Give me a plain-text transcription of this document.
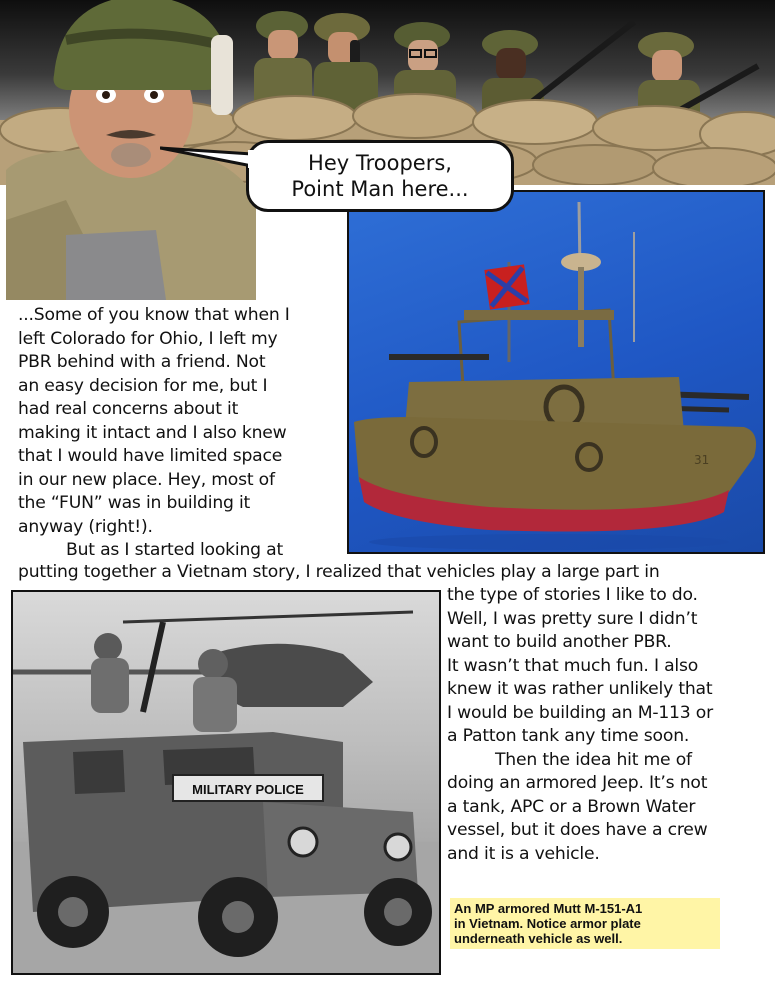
Hey Troopers,
Point Man here...
31
...Some of you know that when I
left Colorado for Ohio, I left my
PBR behind with a friend. Not
an easy decision for me, but I
had real concerns about it
making it intact and I also knew
that I would have limited space
in our new place. Hey, most of
the “FUN” was in building it
anyway (right!).
But as I started looking at
putting together a Vietnam story, I realized that vehicles play a large part in
MILITARY POLICE
the type of stories I like to do.
Well, I was pretty sure I didn’t
want to build another PBR.
It wasn’t that much fun. I also
knew it was rather unlikely that
I would be building an M-113 or
a Patton tank any time soon.
Then the idea hit me of
doing an armored Jeep. It’s not
a tank, APC or a Brown Water
vessel, but it does have a crew
and it is a vehicle.
An MP armored Mutt M-151-A1
in Vietnam. Notice armor plate
underneath vehicle as well.
